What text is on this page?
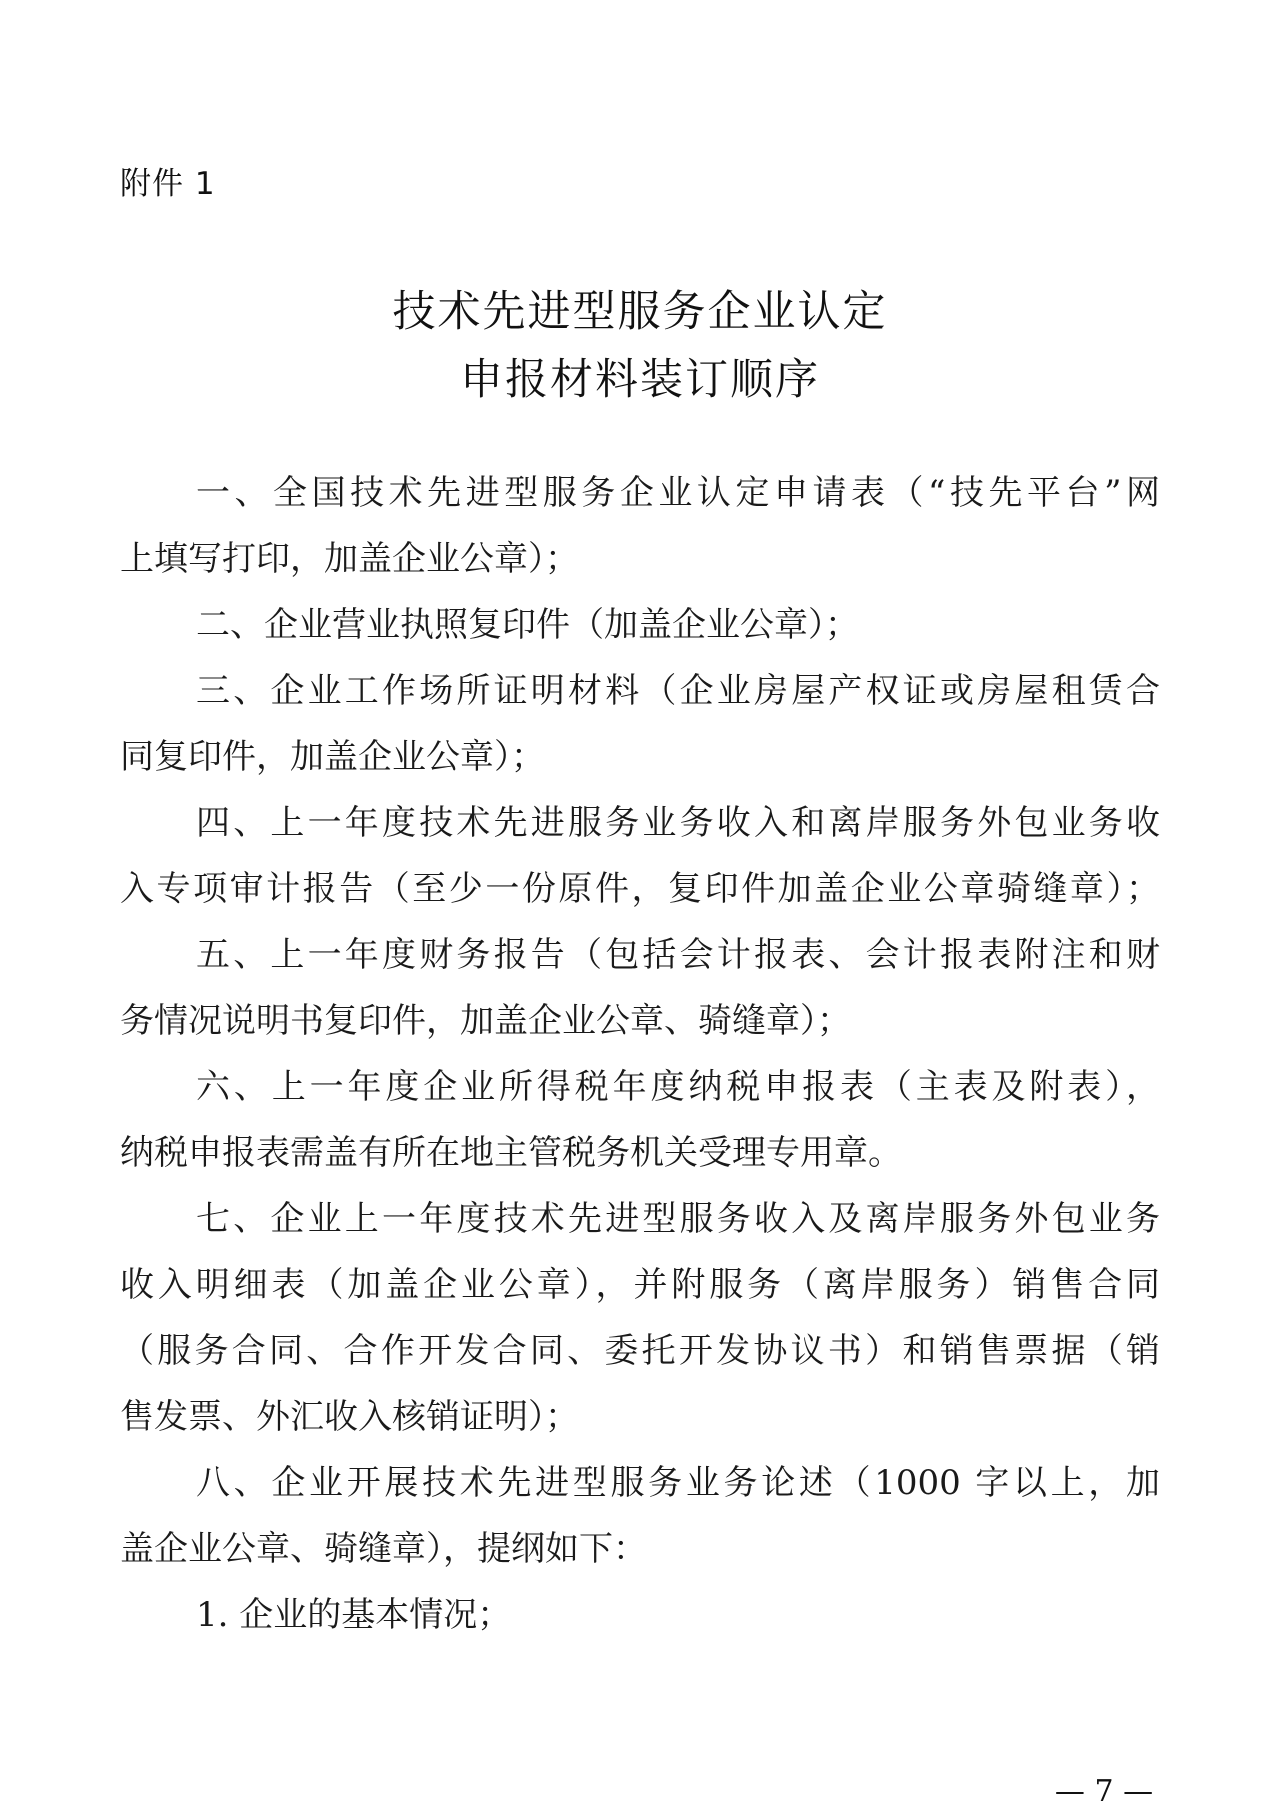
附件 1
技术先进型服务企业认定
申报材料装订顺序
一、全国技术先进型服务企业认定申请表（“技先平台”网
上填写打印，加盖企业公章）；
二、企业营业执照复印件（加盖企业公章）；
三、企业工作场所证明材料（企业房屋产权证或房屋租赁合
同复印件，加盖企业公章）；
四、上一年度技术先进服务业务收入和离岸服务外包业务收
入专项审计报告（至少一份原件，复印件加盖企业公章骑缝章）；
五、上一年度财务报告（包括会计报表、会计报表附注和财
务情况说明书复印件，加盖企业公章、骑缝章）；
六、上一年度企业所得税年度纳税申报表（主表及附表），
纳税申报表需盖有所在地主管税务机关受理专用章。
七、企业上一年度技术先进型服务收入及离岸服务外包业务
收入明细表（加盖企业公章），并附服务（离岸服务）销售合同
（服务合同、合作开发合同、委托开发协议书）和销售票据（销
售发票、外汇收入核销证明）；
八、企业开展技术先进型服务业务论述（1000 字以上，加
盖企业公章、骑缝章），提纲如下：
1. 企业的基本情况；
— 7 —
